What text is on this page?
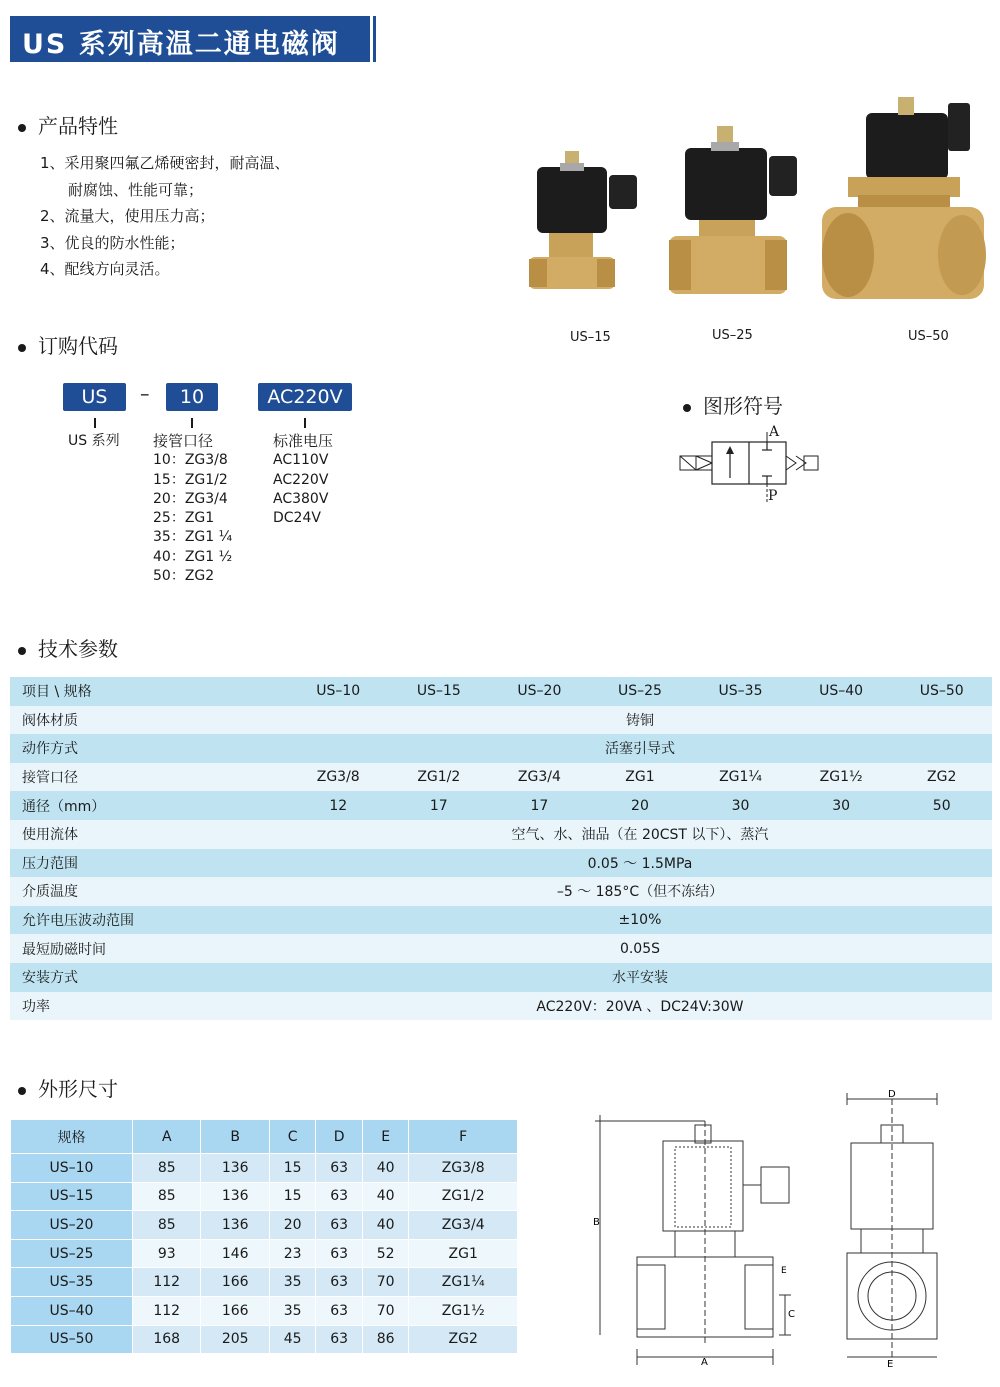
US 系列高温二通电磁阀
产品特性
1、采用聚四氟乙烯硬密封，耐高温、
耐腐蚀、性能可靠；
2、流量大，使用压力高；
3、优良的防水性能；
4、配线方向灵活。
US–15	US–25	US–50
订购代码
US	–	10	AC220V
US 系列 接管口径
10：ZG3/8
15：ZG1/2
20：ZG3/4
25：ZG1
35：ZG1 ¼
40：ZG1 ½
50：ZG2
标准电压
AC110V
AC220V
AC380V
DC24V
图形符号
A
P
技术参数
项目 \ 规格	US–10	US–15	US–20	US–25	US–35	US–40	US–50
阀体材质	铸铜						
动作方式	活塞引导式						
接管口径	ZG3/8	ZG1/2	ZG3/4	ZG1	ZG1¼	ZG1½	ZG2
通径（mm）	12	17	17	20	30	30	50
使用流体	空气、水、油品（在 20CST 以下）、蒸汽						
压力范围	0.05 ～ 1.5MPa						
介质温度	–5 ～ 185°C（但不冻结）						
允许电压波动范围	±10%						
最短励磁时间	0.05S						
安装方式	水平安装						
功率	AC220V：20VA 、DC24V:30W						
外形尺寸
规格	A	B	C	D	E	F
US–10	85	136	15	63	40	ZG3/8
US–15	85	136	15	63	40	ZG1/2
US–20	85	136	20	63	40	ZG3/4
US–25	93	146	23	63	52	ZG1
US–35	112	166	35	63	70	ZG1¼
US–40	112	166	35	63	70	ZG1½
US–50	168	205	45	63	86	ZG2
B
A
C
E
D
E
